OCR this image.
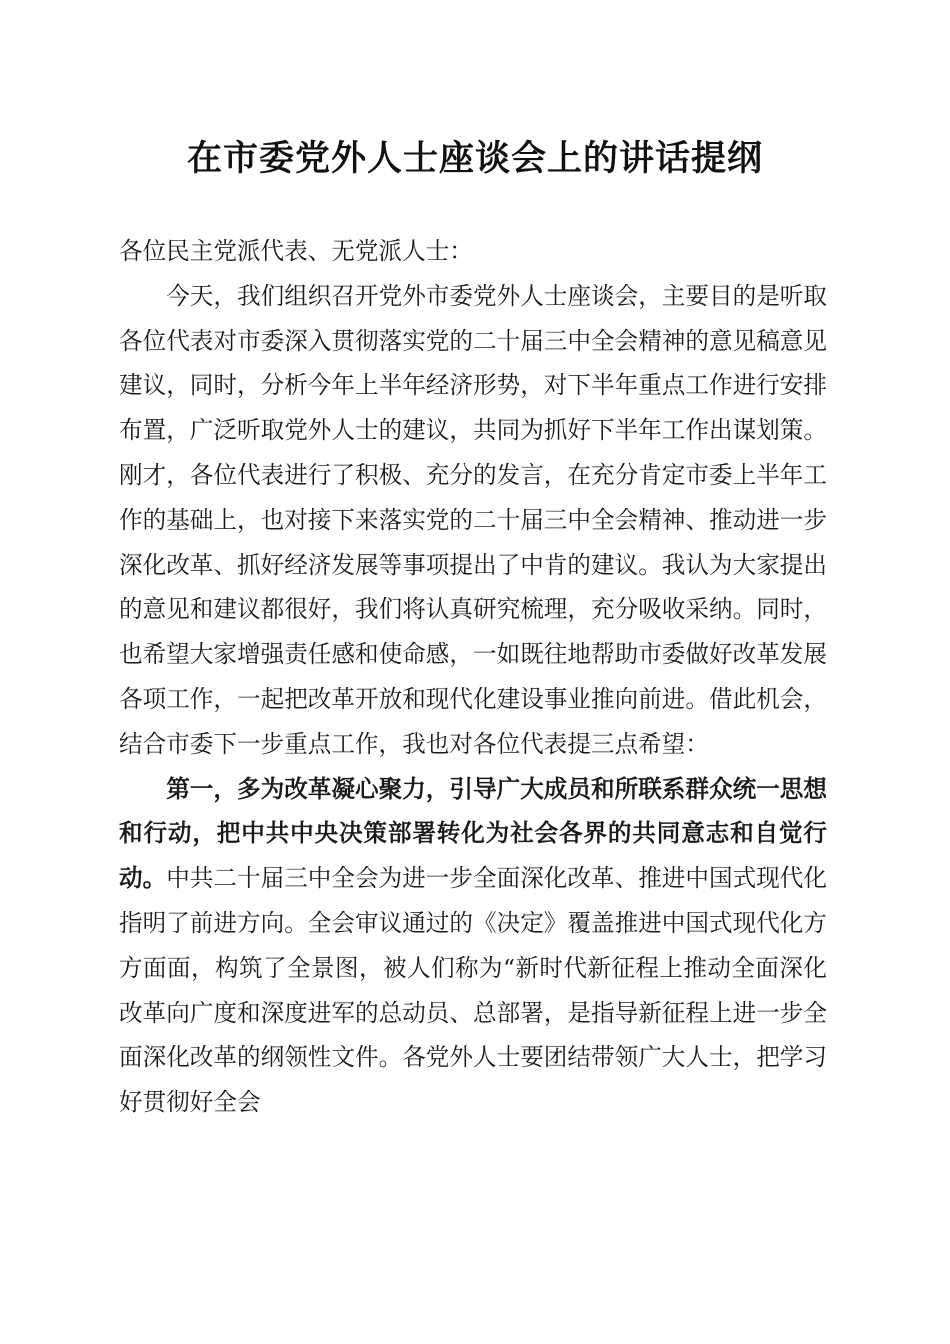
在市委党外人士座谈会上的讲话提纲

各位民主党派代表、无党派人士：

今天，我们组织召开党外市委党外人士座谈会，主要目的是听取各位代表对市委深入贯彻落实党的二十届三中全会精神的意见稿意见建议，同时，分析今年上半年经济形势，对下半年重点工作进行安排布置，广泛听取党外人士的建议，共同为抓好下半年工作出谋划策。刚才，各位代表进行了积极、充分的发言，在充分肯定市委上半年工作的基础上，也对接下来落实党的二十届三中全会精神、推动进一步深化改革、抓好经济发展等事项提出了中肯的建议。我认为大家提出的意见和建议都很好，我们将认真研究梳理，充分吸收采纳。同时，也希望大家增强责任感和使命感，一如既往地帮助市委做好改革发展各项工作，一起把改革开放和现代化建设事业推向前进。借此机会，结合市委下一步重点工作，我也对各位代表提三点希望：

第一，多为改革凝心聚力，引导广大成员和所联系群众统一思想和行动，把中共中央决策部署转化为社会各界的共同意志和自觉行动。中共二十届三中全会为进一步全面深化改革、推进中国式现代化指明了前进方向。全会审议通过的《决定》覆盖推进中国式现代化方方面面，构筑了全景图，被人们称为“新时代新征程上推动全面深化改革向广度和深度进军的总动员、总部署，是指导新征程上进一步全面深化改革的纲领性文件。各党外人士要团结带领广大人士，把学习好贯彻好全会
